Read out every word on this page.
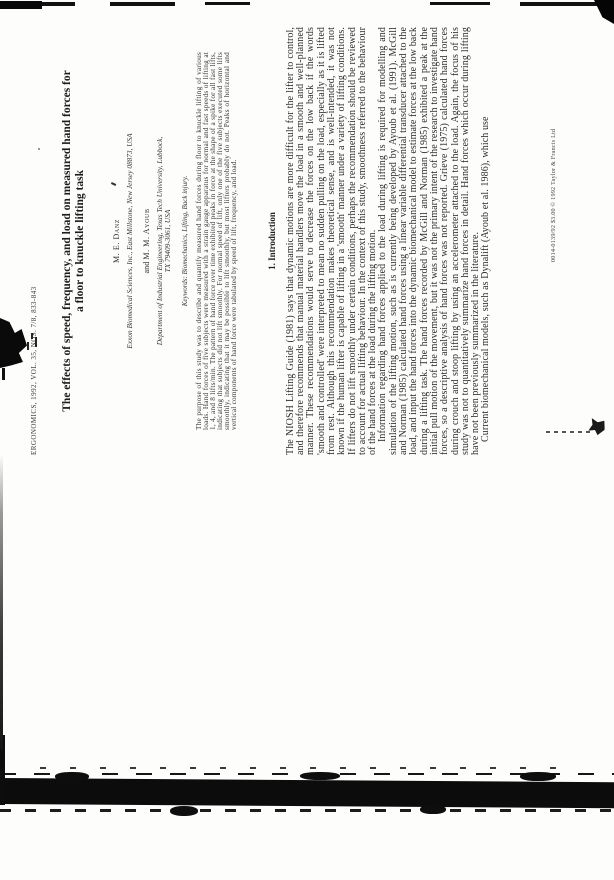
ERGONOMICS, 1992, VOL. 35, NOS. 7/8, 833-843 The effects of speed, frequency, and load on measured hand forces for a floor to knuckle lifting task	M. E. Danz Exxon Biomedical Sciences, Inc., East Millstone, New Jersey 08873, USA and M. M. Ayoub Department of Industrial Engineering, Texas Tech University, Lubbock, TX 79409-3061, USA Keywords: Biomechanics, Lifting, Back injury. The purpose of this study was to describe and quantify measured hand forces during floor to knuckle lifting of various loads. Hand forces of five subjects were measured with a strain gauge apparatus for normal and fast speeds of lifting at 1, 4, and 8 lifts/min. The pattern of hand force over time exhibited peaks in force at the shape of a spike for all fast lifts, indicating that subjects did not lift smoothly. For normal speed of lift, only one of the five subjects executed some lifts smoothly, indicating that it may be possible to lift smoothly, but most lifters probably do not. Peaks of horizontal and vertical components of hand force were tabulated by speed of lift, frequency, and load.	1. Introduction The NIOSH Lifting Guide (1981) says that dynamic motions are more difficult for the lifter to control, and therefore recommends that manual material handlers move the load in a smooth and well-planned manner. These recommendations would serve to decrease the forces on the low back if the words 'smooth and controlled' were interpreted to mean no sudden pulling on the load, especially as it is lifted from rest. Although this recommendation makes theoretical sense, and is well-intended, it was not known if the human lifter is capable of lifting in a 'smooth' manner under a variety of lifting conditions. If lifters do not lift smoothly under certain conditions, perhaps the recommendation should be reviewed to account for actual lifting behaviour. In the context of this study, smoothness referred to the behaviour of the hand forces at the load during the lifting motion. Information regarding hand forces applied to the load during lifting is required for modelling and simulation of the lifting motion, such as is currently being developed by Ayoub et al. (1991). McGill and Norman (1985) calculated hand forces using a linear variable differential transducer attached to the load, and input the hand forces into the dynamic biomechanical model to estimate forces at the low back during a lifting task. The hand forces recorded by McGill and Norman (1985) exhibited a peak at the initial pull motion of the movement, but it was not the primary intent of the research to investigate hand forces, so a descriptive analysis of hand forces was not reported. Grieve (1975) calculated hand forces during crouch and stoop lifting by using an accelerometer attached to the load. Again, the focus of his study was not to quantitatively summarize hand forces in detail. Hand forces which occur during lifting have not been previously summarized in the literature. Current biomechanical models, such as Dynalift (Ayoub et al. 1986), which use	0014-0139/92 $3.00 © 1992 Taylor & Francis Ltd
